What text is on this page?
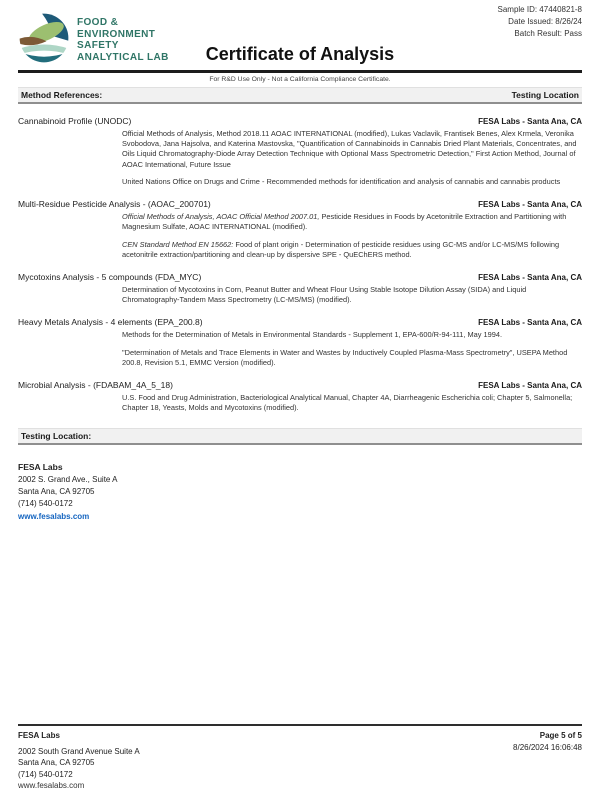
FOOD &
ENVIRONMENT
SAFETY
ANALYTICAL LAB
Sample ID: 47440821-8
Date Issued: 8/26/24
Batch Result: Pass
Certificate of Analysis
For R&D Use Only - Not a California Compliance Certificate.
Method References:	Testing Location
Cannabinoid Profile (UNODC)	FESA Labs - Santa Ana, CA
Official Methods of Analysis, Method 2018.11 AOAC INTERNATIONAL (modified), Lukas Vaclavik, Frantisek Benes, Alex Krmela, Veronika Svobodova, Jana Hajsolva, and Katerina Mastovska, "Quantification of Cannabinoids in Cannabis Dried Plant Materials, Concentrates, and Oils Liquid Chromatography-Diode Array Detection Technique with Optional Mass Spectrometric Detection," First Action Method, Journal of AOAC International, Future Issue
United Nations Office on Drugs and Crime - Recommended methods for identification and analysis of cannabis and cannabis products
Multi-Residue Pesticide Analysis - (AOAC_200701)	FESA Labs - Santa Ana, CA
Official Methods of Analysis, AOAC Official Method 2007.01, Pesticide Residues in Foods by Acetonitrile Extraction and Partitioning with Magnesium Sulfate, AOAC INTERNATIONAL (modified).
CEN Standard Method EN 15662: Food of plant origin - Determination of pesticide residues using GC-MS and/or LC-MS/MS following acetonitrile extraction/partitioning and clean-up by dispersive SPE - QuEChERS method.
Mycotoxins Analysis - 5 compounds (FDA_MYC)	FESA Labs - Santa Ana, CA
Determination of Mycotoxins in Corn, Peanut Butter and Wheat Flour Using Stable Isotope Dilution Assay (SIDA) and Liquid Chromatography-Tandem Mass Spectrometry (LC-MS/MS) (modified).
Heavy Metals Analysis - 4 elements (EPA_200.8)	FESA Labs - Santa Ana, CA
Methods for the Determination of Metals in Environmental Standards - Supplement 1, EPA-600/R-94-111, May 1994.
"Determination of Metals and Trace Elements in Water and Wastes by Inductively Coupled Plasma-Mass Spectrometry", USEPA Method 200.8, Revision 5.1, EMMC Version (modified).
Microbial Analysis - (FDABAM_4A_5_18)	FESA Labs - Santa Ana, CA
U.S. Food and Drug Administration, Bacteriological Analytical Manual, Chapter 4A, Diarrheagenic Escherichia coli; Chapter 5, Salmonella; Chapter 18, Yeasts, Molds and Mycotoxins (modified).
Testing Location:
FESA Labs
2002 S. Grand Ave., Suite A
Santa Ana, CA 92705
(714) 540-0172
www.fesalabs.com
FESA Labs
2002 South Grand Avenue Suite A
Santa Ana, CA 92705
(714) 540-0172
www.fesalabs.com
Page 5 of 5
8/26/2024 16:06:48
